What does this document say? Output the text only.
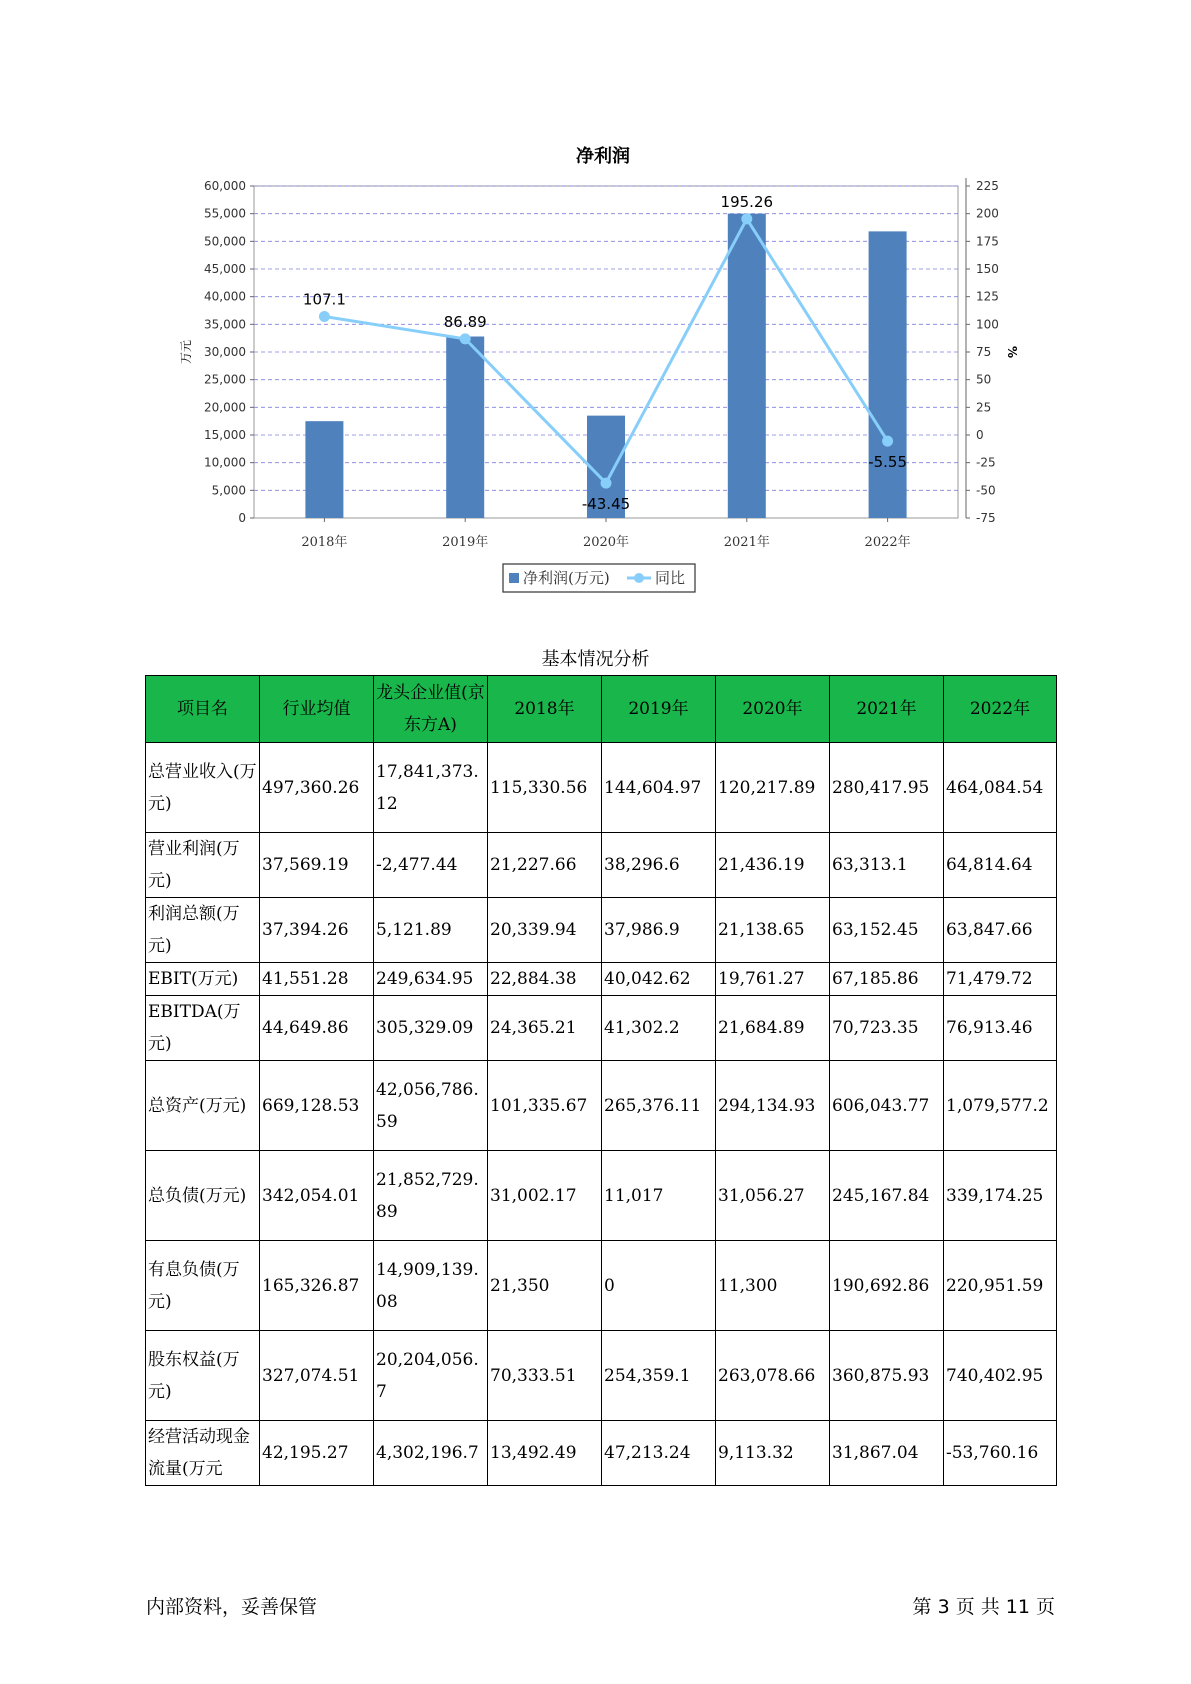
净利润
0
5,000
10,000
15,000
20,000
25,000
30,000
35,000
40,000
45,000
50,000
55,000
60,000
-75
-50
-25
0
25
50
75
100
125
150
175
200
225
万元	%
2018年	2019年	2020年	2021年	2022年
107.1
86.89
-43.45
195.26
-5.55
净利润(万元)	同比
基本情况分析
项目名	行业均值	龙头企业值(京东方A)	2018年	2019年	2020年	2021年	2022年
总营业收入(万元)	497,360.26	17,841,373.12	115,330.56	144,604.97	120,217.89	280,417.95	464,084.54
营业利润(万元)	37,569.19	-2,477.44	21,227.66	38,296.6	21,436.19	63,313.1	64,814.64
利润总额(万元)	37,394.26	5,121.89	20,339.94	37,986.9	21,138.65	63,152.45	63,847.66
EBIT(万元)	41,551.28	249,634.95	22,884.38	40,042.62	19,761.27	67,185.86	71,479.72
EBITDA(万元)	44,649.86	305,329.09	24,365.21	41,302.2	21,684.89	70,723.35	76,913.46
总资产(万元)	669,128.53	42,056,786.59	101,335.67	265,376.11	294,134.93	606,043.77	1,079,577.2
总负债(万元)	342,054.01	21,852,729.89	31,002.17	11,017	31,056.27	245,167.84	339,174.25
有息负债(万元)	165,326.87	14,909,139.08	21,350	0	11,300	190,692.86	220,951.59
股东权益(万元)	327,074.51	20,204,056.7	70,333.51	254,359.1	263,078.66	360,875.93	740,402.95
经营活动现金流量(万元	42,195.27	4,302,196.7	13,492.49	47,213.24	9,113.32	31,867.04	-53,760.16
内部资料，妥善保管	第 3 页 共 11 页
